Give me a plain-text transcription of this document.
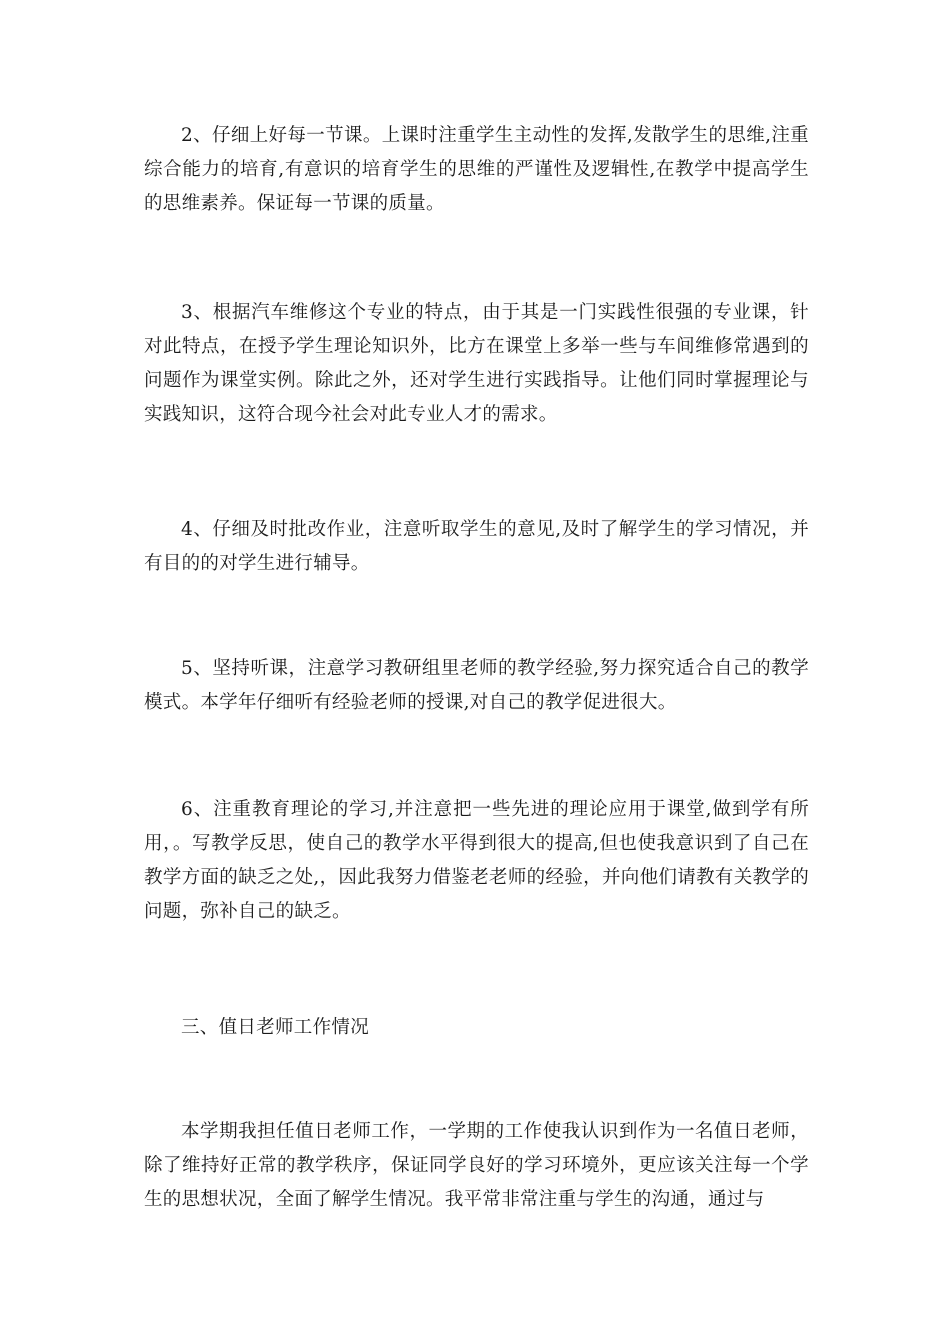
2、仔细上好每一节课。上课时注重学生主动性的发挥,发散学生的思维,注重综合能力的培育,有意识的培育学生的思维的严谨性及逻辑性,在教学中提高学生的思维素养。保证每一节课的质量。

3、根据汽车维修这个专业的特点，由于其是一门实践性很强的专业课，针对此特点，在授予学生理论知识外，比方在课堂上多举一些与车间维修常遇到的问题作为课堂实例。除此之外，还对学生进行实践指导。让他们同时掌握理论与实践知识，这符合现今社会对此专业人才的需求。

4、仔细及时批改作业，注意听取学生的意见,及时了解学生的学习情况，并有目的的对学生进行辅导。

5、坚持听课，注意学习教研组里老师的教学经验,努力探究适合自己的教学模式。本学年仔细听有经验老师的授课,对自己的教学促进很大。

6、注重教育理论的学习,并注意把一些先进的理论应用于课堂,做到学有所用，。写教学反思，使自己的教学水平得到很大的提高,但也使我意识到了自己在教学方面的缺乏之处,，因此我努力借鉴老老师的经验，并向他们请教有关教学的问题，弥补自己的缺乏。

三、值日老师工作情况

本学期我担任值日老师工作，一学期的工作使我认识到作为一名值日老师，除了维持好正常的教学秩序，保证同学良好的学习环境外，更应该关注每一个学生的思想状况，全面了解学生情况。我平常非常注重与学生的沟通，通过与
